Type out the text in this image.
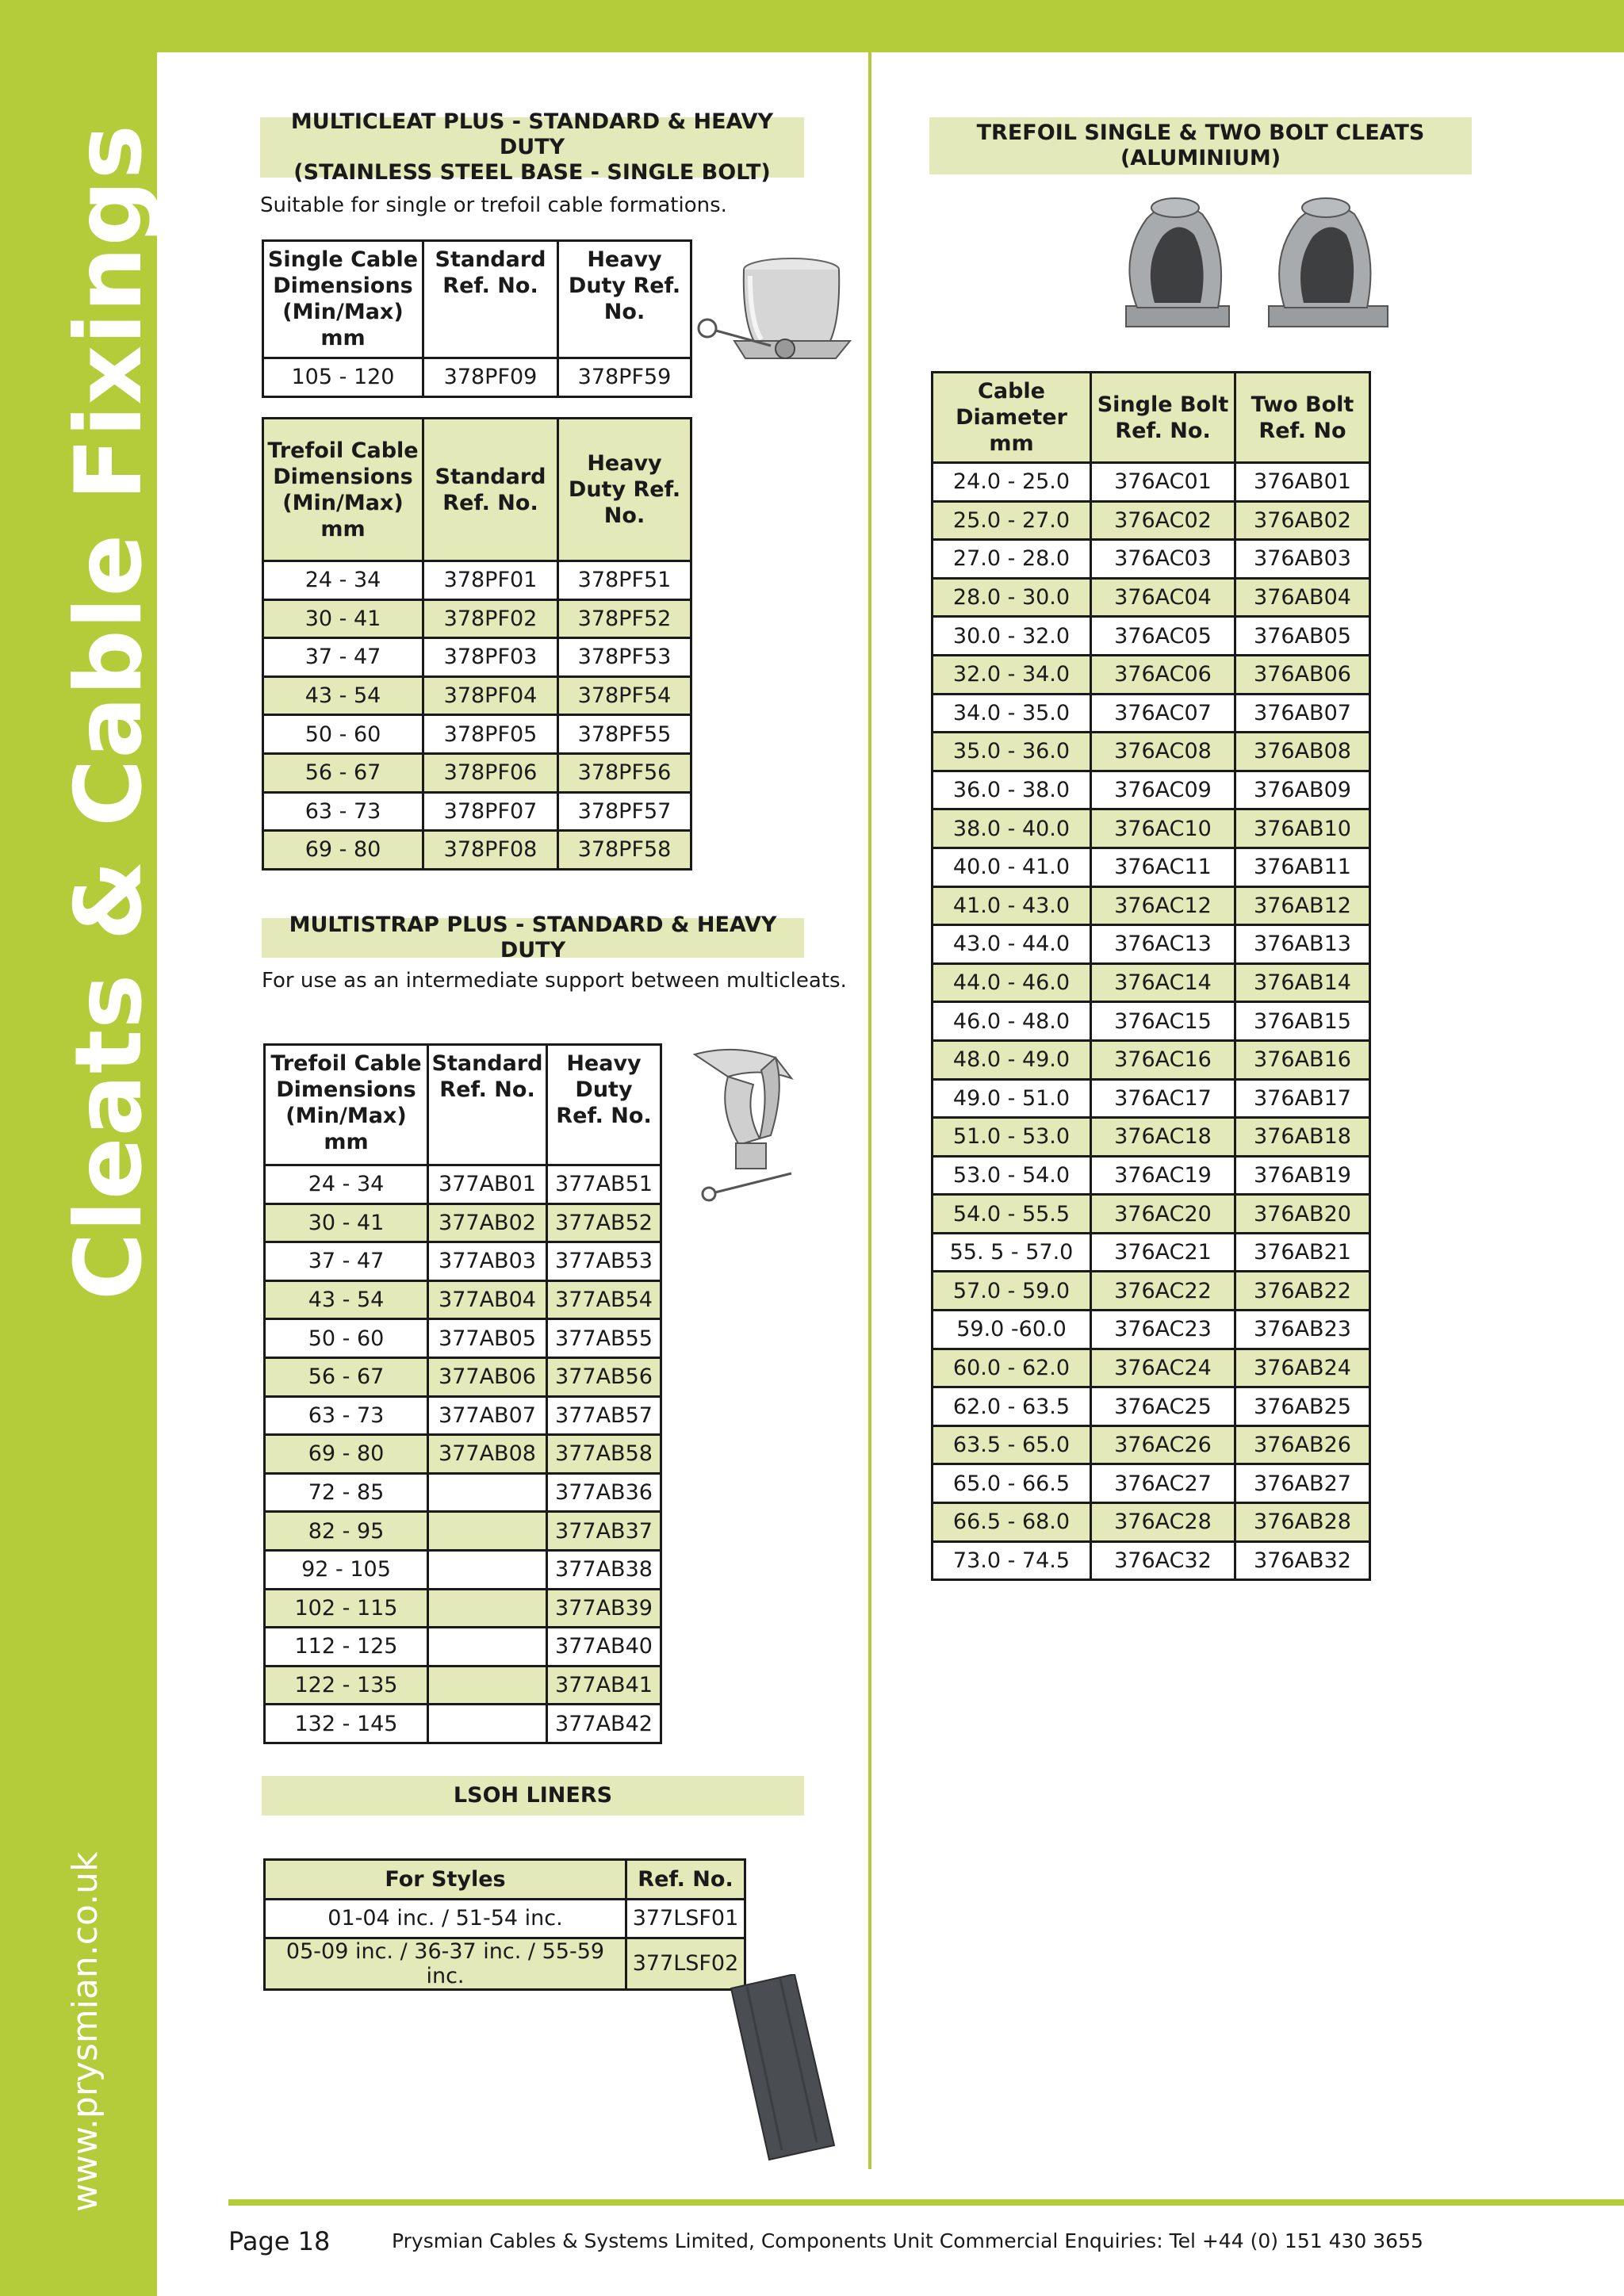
Cleats & Cable Fixings
www.prysmian.co.uk
MULTICLEAT PLUS - STANDARD & HEAVY DUTY
(STAINLESS STEEL BASE - SINGLE BOLT)
Suitable for single or trefoil cable formations.
Single Cable Dimensions (Min/Max) mm	Standard Ref. No.	Heavy Duty Ref. No.
105 - 120	378PF09	378PF59
Trefoil Cable Dimensions (Min/Max) mm	Standard Ref. No.	Heavy Duty Ref. No.
24 - 34	378PF01	378PF51
30 - 41	378PF02	378PF52
37 - 47	378PF03	378PF53
43 - 54	378PF04	378PF54
50 - 60	378PF05	378PF55
56 - 67	378PF06	378PF56
63 - 73	378PF07	378PF57
69 - 80	378PF08	378PF58
MULTISTRAP PLUS - STANDARD & HEAVY DUTY
For use as an intermediate support between multicleats.
Trefoil Cable Dimensions (Min/Max) mm	Standard Ref. No.	Heavy Duty Ref. No.
24 - 34	377AB01	377AB51
30 - 41	377AB02	377AB52
37 - 47	377AB03	377AB53
43 - 54	377AB04	377AB54
50 - 60	377AB05	377AB55
56 - 67	377AB06	377AB56
63 - 73	377AB07	377AB57
69 - 80	377AB08	377AB58
72 - 85		377AB36
82 - 95		377AB37
92 - 105		377AB38
102 - 115		377AB39
112 - 125		377AB40
122 - 135		377AB41
132 - 145		377AB42
LSOH LINERS
For Styles	Ref. No.
01-04 inc. / 51-54 inc.	377LSF01
05-09 inc. / 36-37 inc. / 55-59 inc.	377LSF02
TREFOIL SINGLE & TWO BOLT CLEATS
(ALUMINIUM)
Cable Diameter mm	Single Bolt Ref. No.	Two Bolt Ref. No
24.0 - 25.0	376AC01	376AB01
25.0 - 27.0	376AC02	376AB02
27.0 - 28.0	376AC03	376AB03
28.0 - 30.0	376AC04	376AB04
30.0 - 32.0	376AC05	376AB05
32.0 - 34.0	376AC06	376AB06
34.0 - 35.0	376AC07	376AB07
35.0 - 36.0	376AC08	376AB08
36.0 - 38.0	376AC09	376AB09
38.0 - 40.0	376AC10	376AB10
40.0 - 41.0	376AC11	376AB11
41.0 - 43.0	376AC12	376AB12
43.0 - 44.0	376AC13	376AB13
44.0 - 46.0	376AC14	376AB14
46.0 - 48.0	376AC15	376AB15
48.0 - 49.0	376AC16	376AB16
49.0 - 51.0	376AC17	376AB17
51.0 - 53.0	376AC18	376AB18
53.0 - 54.0	376AC19	376AB19
54.0 - 55.5	376AC20	376AB20
55. 5 - 57.0	376AC21	376AB21
57.0 - 59.0	376AC22	376AB22
59.0 -60.0	376AC23	376AB23
60.0 - 62.0	376AC24	376AB24
62.0 - 63.5	376AC25	376AB25
63.5 - 65.0	376AC26	376AB26
65.0 - 66.5	376AC27	376AB27
66.5 - 68.0	376AC28	376AB28
73.0 - 74.5	376AC32	376AB32
Page 18	Prysmian Cables & Systems Limited, Components Unit Commercial Enquiries: Tel +44 (0) 151 430 3655
